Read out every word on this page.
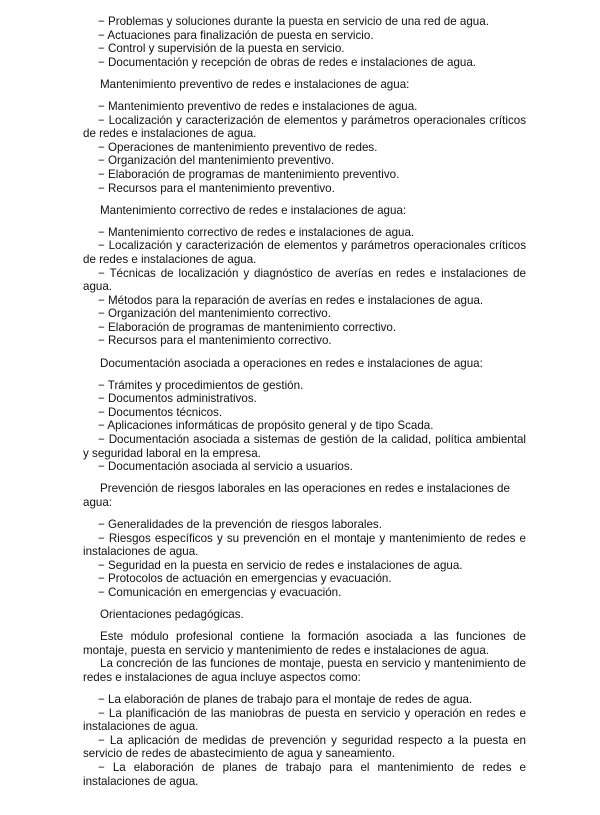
− Problemas y soluciones durante la puesta en servicio de una red de agua.

− Actuaciones para finalización de puesta en servicio.

− Control y supervisión de la puesta en servicio.

− Documentación y recepción de obras de redes e instalaciones de agua.

Mantenimiento preventivo de redes e instalaciones de agua:

− Mantenimiento preventivo de redes e instalaciones de agua.

− Localización y caracterización de elementos y parámetros operacionales críticos de redes e instalaciones de agua.

− Operaciones de mantenimiento preventivo de redes.

− Organización del mantenimiento preventivo.

− Elaboración de programas de mantenimiento preventivo.

− Recursos para el mantenimiento preventivo.

Mantenimiento correctivo de redes e instalaciones de agua:

− Mantenimiento correctivo de redes e instalaciones de agua.

− Localización y caracterización de elementos y parámetros operacionales críticos de redes e instalaciones de agua.

− Técnicas de localización y diagnóstico de averías en redes e instalaciones de agua.

− Métodos para la reparación de averías en redes e instalaciones de agua.

− Organización del mantenimiento correctivo.

− Elaboración de programas de mantenimiento correctivo.

− Recursos para el mantenimiento correctivo.

Documentación asociada a operaciones en redes e instalaciones de agua:

− Trámites y procedimientos de gestión.

− Documentos administrativos.

− Documentos técnicos.

− Aplicaciones informáticas de propósito general y de tipo Scada.

− Documentación asociada a sistemas de gestión de la calidad, política ambiental y seguridad laboral en la empresa.

− Documentación asociada al servicio a usuarios.

Prevención de riesgos laborales en las operaciones en redes e instalaciones de agua:

− Generalidades de la prevención de riesgos laborales.

− Riesgos específicos y su prevención en el montaje y mantenimiento de redes e instalaciones de agua.

− Seguridad en la puesta en servicio de redes e instalaciones de agua.

− Protocolos de actuación en emergencias y evacuación.

− Comunicación en emergencias y evacuación.

Orientaciones pedagógicas.

Este módulo profesional contiene la formación asociada a las funciones de montaje, puesta en servicio y mantenimiento de redes e instalaciones de agua.

La concreción de las funciones de montaje, puesta en servicio y mantenimiento de redes e instalaciones de agua incluye aspectos como:

− La elaboración de planes de trabajo para el montaje de redes de agua.

− La planificación de las maniobras de puesta en servicio y operación en redes e instalaciones de agua.

− La aplicación de medidas de prevención y seguridad respecto a la puesta en servicio de redes de abastecimiento de agua y saneamiento.

− La elaboración de planes de trabajo para el mantenimiento de redes e instalaciones de agua.
